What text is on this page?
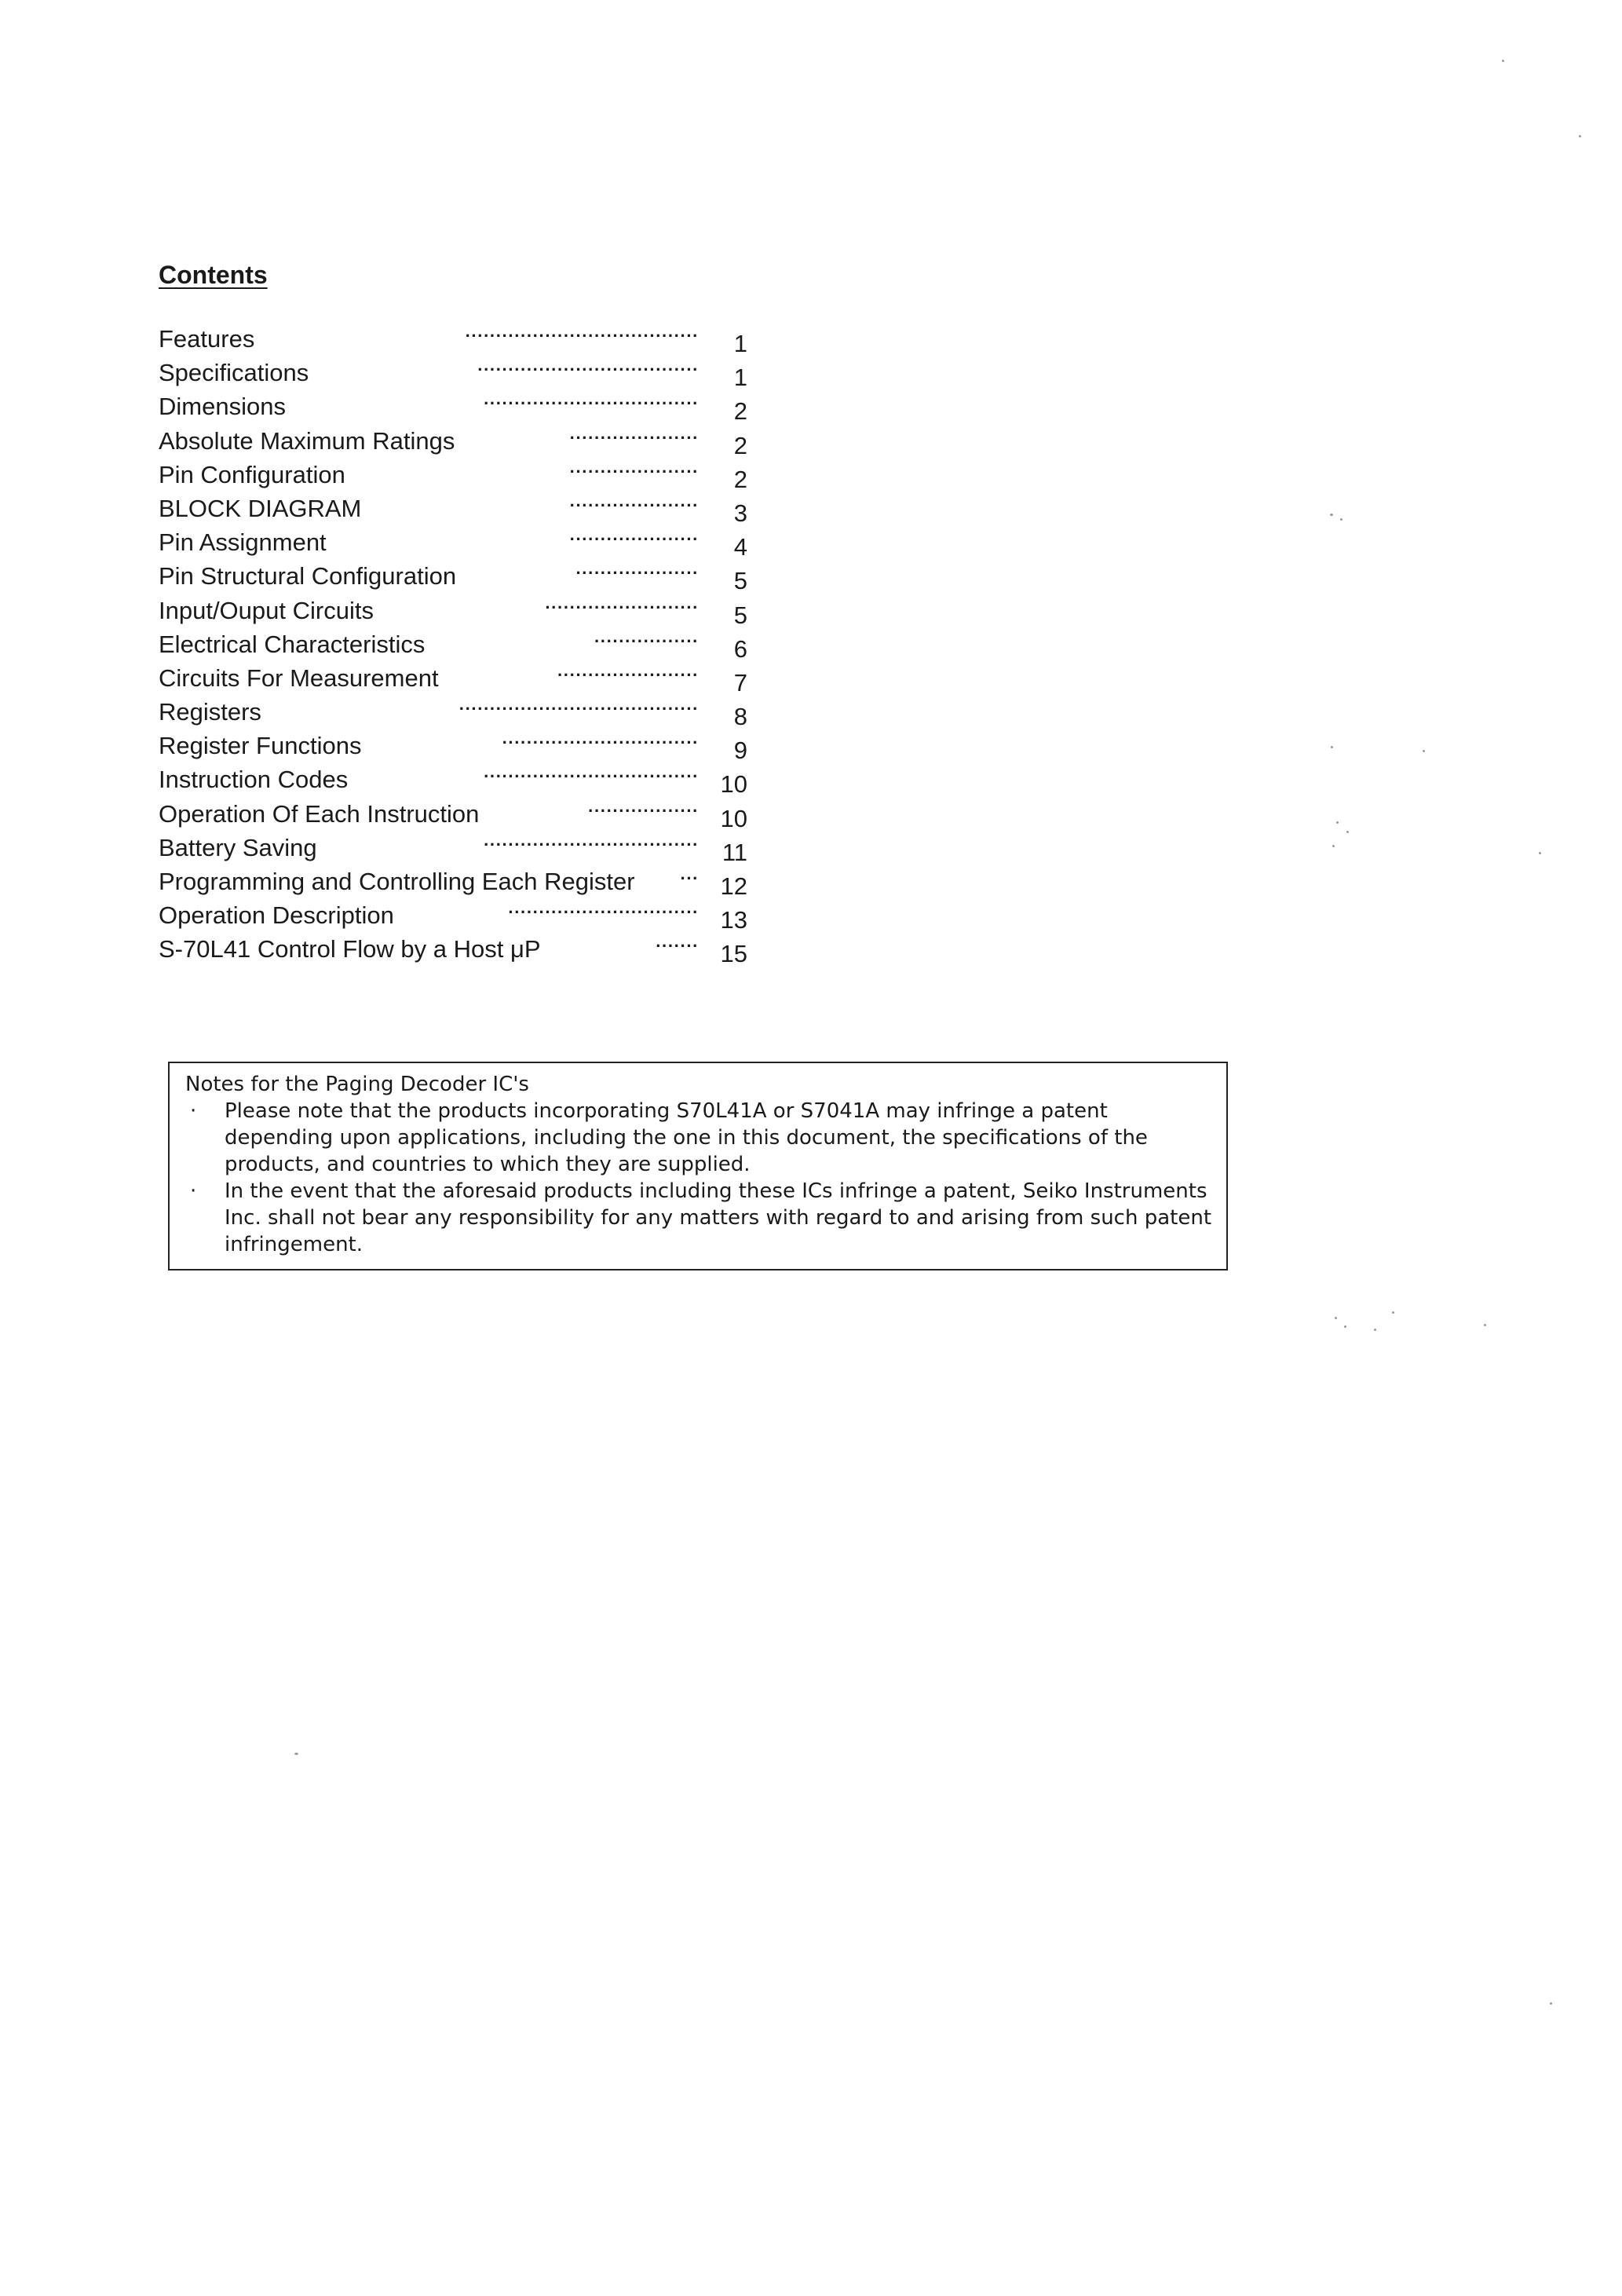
Contents
Features	······································	1
Specifications	····································	1
Dimensions	···································	2
Absolute Maximum Ratings	·····················	2
Pin Configuration	·····················	2
BLOCK DIAGRAM	·····················	3
Pin Assignment	·····················	4
Pin Structural Configuration	····················	5
Input/Ouput Circuits	·························	5
Electrical Characteristics	·················	6
Circuits For Measurement	·······················	7
Registers	·······································	8
Register Functions	································	9
Instruction Codes	··································· 10
Operation Of Each Instruction	·················· 10
Battery Saving	··································· 11
Programming and Controlling Each Register	··· 12
Operation Description	······························· 13
S-70L41 Control Flow by a Host μP	······· 15
Notes for the Paging Decoder IC's
· Please note that the products incorporating S70L41A or S7041A may infringe a patent depending upon applications, including the one in this document, the specifications of the products, and countries to which they are supplied.
· In the event that the aforesaid products including these ICs infringe a patent, Seiko Instruments Inc. shall not bear any responsibility for any matters with regard to and arising from such patent infringement.
